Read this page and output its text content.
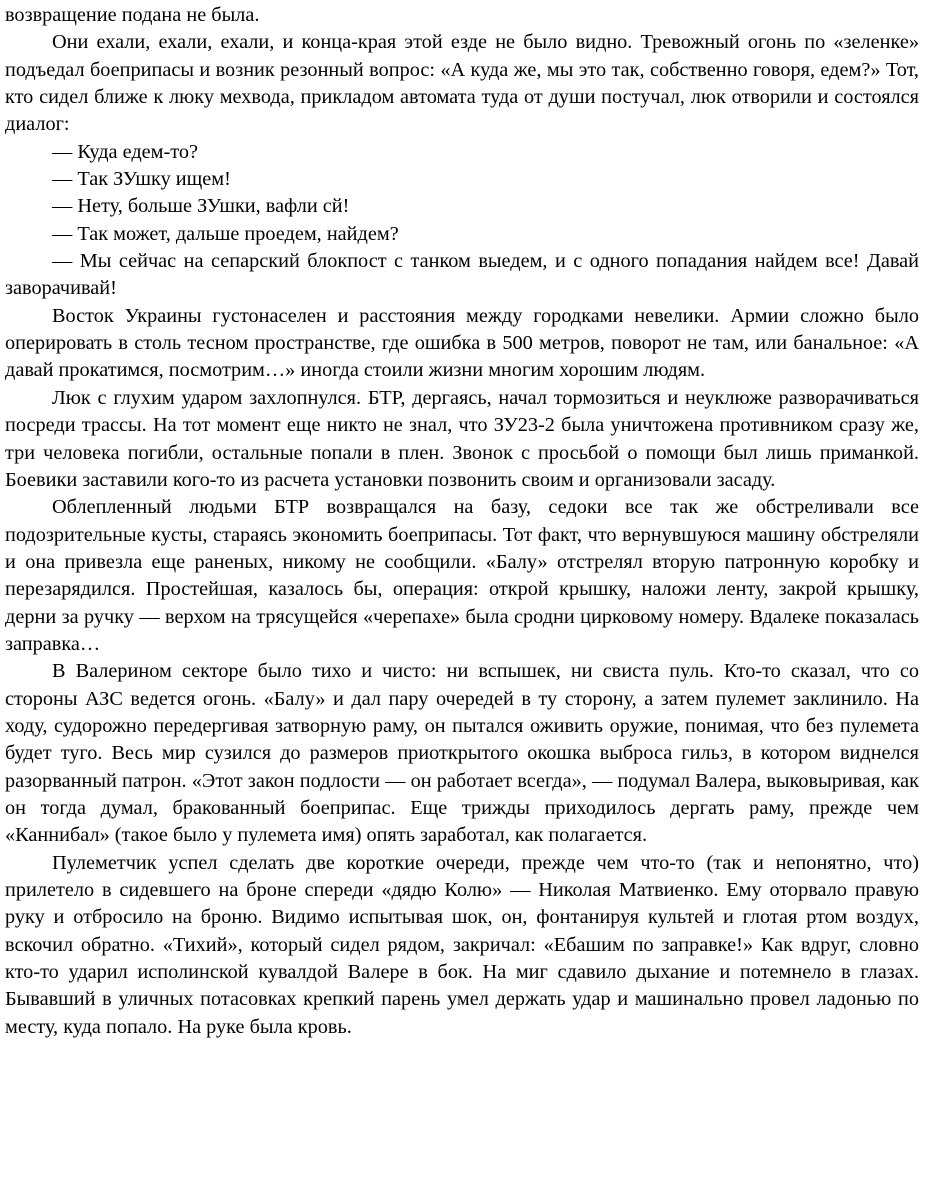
возвращение подана не была.

Они ехали, ехали, ехали, и конца-края этой езде не было видно. Тревожный огонь по «зеленке» подъедал боеприпасы и возник резонный вопрос: «А куда же, мы это так, собственно говоря, едем?» Тот, кто сидел ближе к люку мехвода, прикладом автомата туда от души постучал, люк отворили и состоялся диалог:

— Куда едем-то?

— Так ЗУшку ищем!

— Нету, больше ЗУшки, вафли сй!

— Так может, дальше проедем, найдем?

— Мы сейчас на сепарский блокпост с танком выедем, и с одного попадания найдем все! Давай заворачивай!

Восток Украины густонаселен и расстояния между городками невелики. Армии сложно было оперировать в столь тесном пространстве, где ошибка в 500 метров, поворот не там, или банальное: «А давай прокатимся, посмотрим…» иногда стоили жизни многим хорошим людям.

Люк с глухим ударом захлопнулся. БТР, дергаясь, начал тормозиться и неуклюже разворачиваться посреди трассы. На тот момент еще никто не знал, что ЗУ23-2 была уничтожена противником сразу же, три человека погибли, остальные попали в плен. Звонок с просьбой о помощи был лишь приманкой. Боевики заставили кого-то из расчета установки позвонить своим и организовали засаду.

Облепленный людьми БТР возвращался на базу, седоки все так же обстреливали все подозрительные кусты, стараясь экономить боеприпасы. Тот факт, что вернувшуюся машину обстреляли и она привезла еще раненых, никому не сообщили. «Балу» отстрелял вторую патронную коробку и перезарядился. Простейшая, казалось бы, операция: открой крышку, наложи ленту, закрой крышку, дерни за ручку — верхом на трясущейся «черепахе» была сродни цирковому номеру. Вдалеке показалась заправка…

В Валерином секторе было тихо и чисто: ни вспышек, ни свиста пуль. Кто-то сказал, что со стороны АЗС ведется огонь. «Балу» и дал пару очередей в ту сторону, а затем пулемет заклинило. На ходу, судорожно передергивая затворную раму, он пытался оживить оружие, понимая, что без пулемета будет туго. Весь мир сузился до размеров приоткрытого окошка выброса гильз, в котором виднелся разорванный патрон. «Этот закон подлости — он работает всегда», — подумал Валера, выковыривая, как он тогда думал, бракованный боеприпас. Еще трижды приходилось дергать раму, прежде чем «Каннибал» (такое было у пулемета имя) опять заработал, как полагается.

Пулеметчик успел сделать две короткие очереди, прежде чем что-то (так и непонятно, что) прилетело в сидевшего на броне спереди «дядю Колю» — Николая Матвиенко. Ему оторвало правую руку и отбросило на броню. Видимо испытывая шок, он, фонтанируя культей и глотая ртом воздух, вскочил обратно. «Тихий», который сидел рядом, закричал: «Ебашим по заправке!» Как вдруг, словно кто-то ударил исполинской кувалдой Валере в бок. На миг сдавило дыхание и потемнело в глазах. Бывавший в уличных потасовках крепкий парень умел держать удар и машинально провел ладонью по месту, куда попало. На руке была кровь.
